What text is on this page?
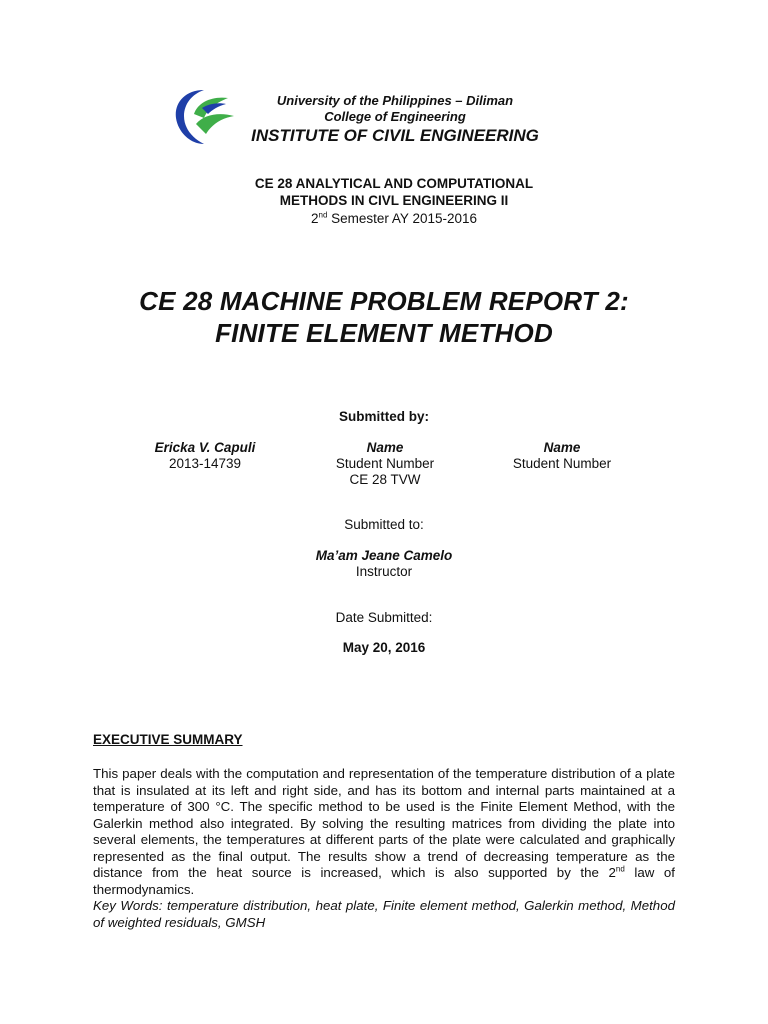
University of the Philippines – Diliman
College of Engineering
INSTITUTE OF CIVIL ENGINEERING
CE 28 ANALYTICAL AND COMPUTATIONAL
METHODS IN CIVL ENGINEERING II
2nd Semester AY 2015-2016
CE 28 MACHINE PROBLEM REPORT 2:
FINITE ELEMENT METHOD
Submitted by:
Ericka V. Capuli
2013-14739
Name
Student Number
CE 28 TVW
Name
Student Number
Submitted to:
Ma’am Jeane Camelo
Instructor
Date Submitted:
May 20, 2016
EXECUTIVE SUMMARY
This paper deals with the computation and representation of the temperature distribution of a plate that is insulated at its left and right side, and has its bottom and internal parts maintained at a temperature of 300 °C. The specific method to be used is the Finite Element Method, with the Galerkin method also integrated. By solving the resulting matrices from dividing the plate into several elements, the temperatures at different parts of the plate were calculated and graphically represented as the final output. The results show a trend of decreasing temperature as the distance from the heat source is increased, which is also supported by the 2nd law of thermodynamics.
Key Words: temperature distribution, heat plate, Finite element method, Galerkin method, Method of weighted residuals, GMSH
